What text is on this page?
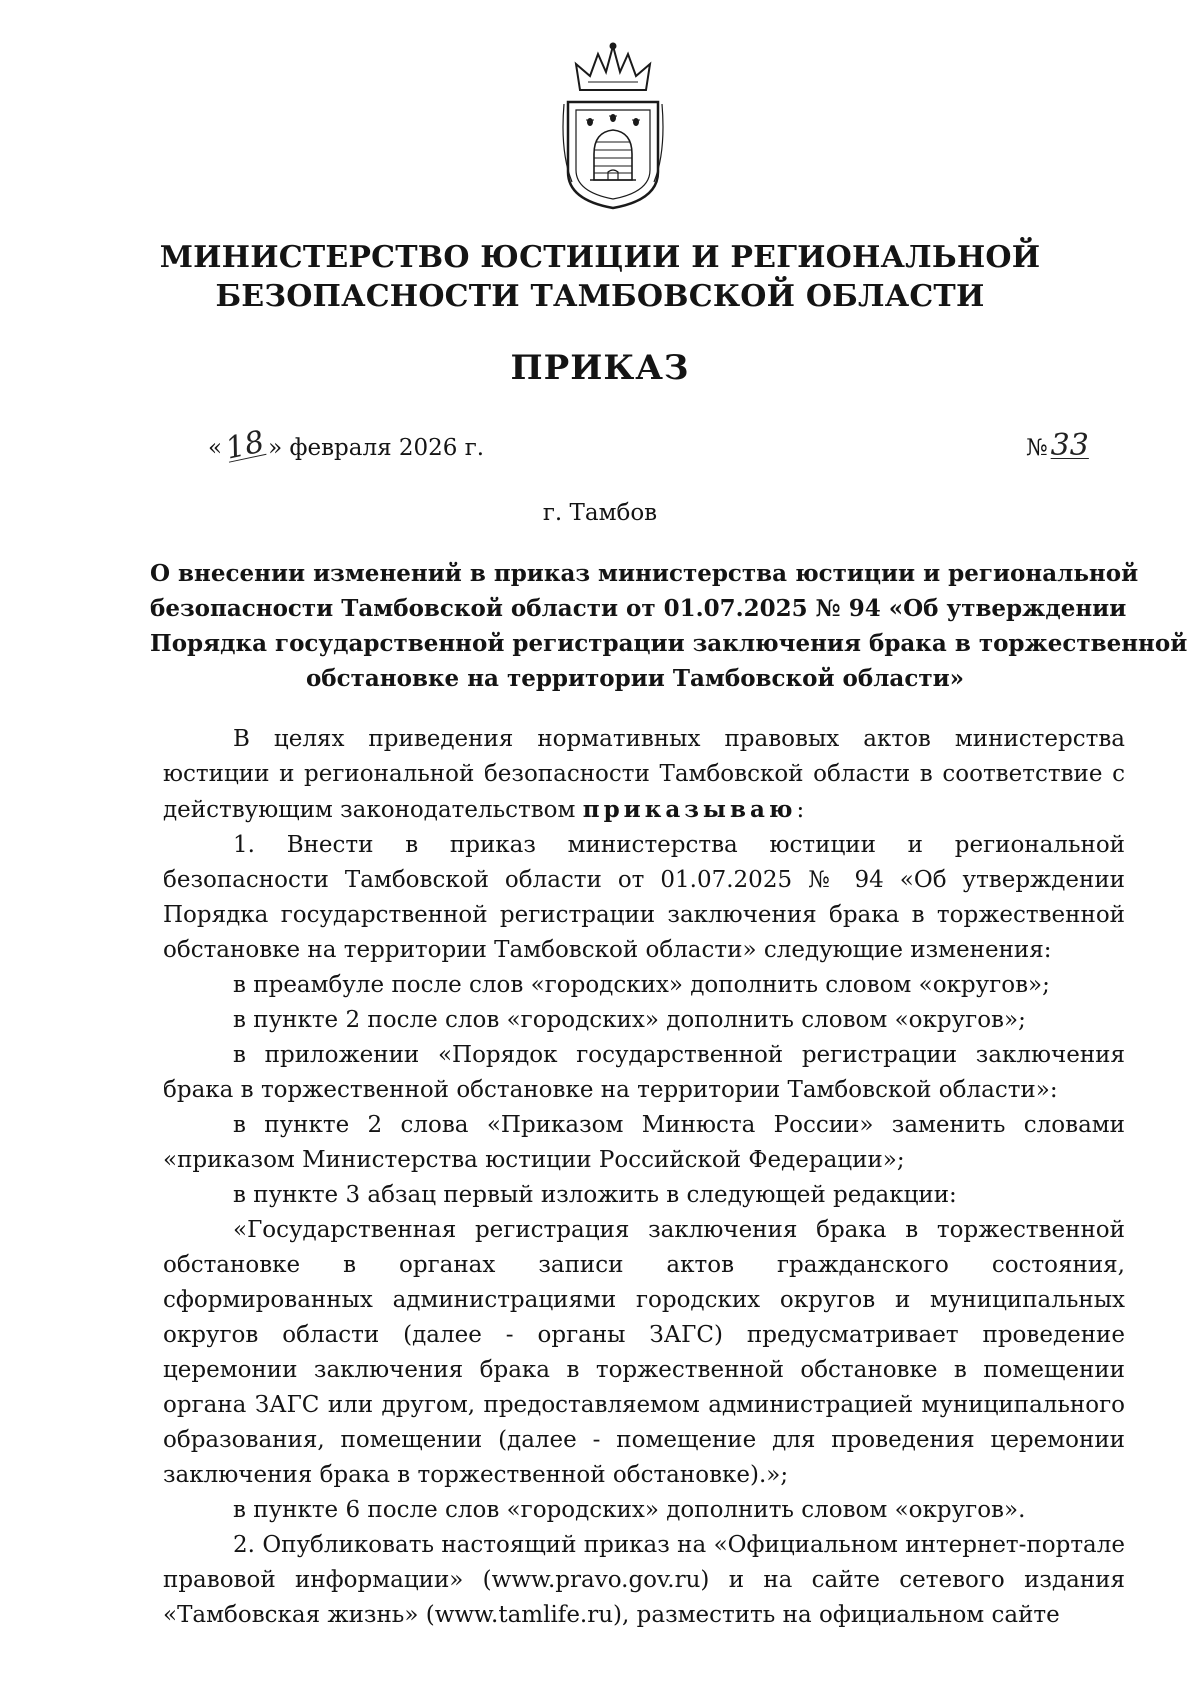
МИНИСТЕРСТВО ЮСТИЦИИ И РЕГИОНАЛЬНОЙ
БЕЗОПАСНОСТИ ТАМБОВСКОЙ ОБЛАСТИ
ПРИКАЗ
«18» февраля 2026 г.	№33
г. Тамбов
О внесении изменений в приказ министерства юстиции и региональной
безопасности Тамбовской области от 01.07.2025 № 94 «Об утверждении
Порядка государственной регистрации заключения брака в торжественной
обстановке на территории Тамбовской области»

В целях приведения нормативных правовых актов министерства юстиции и региональной безопасности Тамбовской области в соответствие с действующим законодательством приказываю:

1. Внести в приказ министерства юстиции и региональной безопасности Тамбовской области от 01.07.2025 № 94 «Об утверждении Порядка государственной регистрации заключения брака в торжественной обстановке на территории Тамбовской области» следующие изменения:

в преамбуле после слов «городских» дополнить словом «округов»;

в пункте 2 после слов «городских» дополнить словом «округов»;

в приложении «Порядок государственной регистрации заключения брака в торжественной обстановке на территории Тамбовской области»:

в пункте 2 слова «Приказом Минюста России» заменить словами «приказом Министерства юстиции Российской Федерации»;

в пункте 3 абзац первый изложить в следующей редакции:

«Государственная регистрация заключения брака в торжественной обстановке в органах записи актов гражданского состояния, сформированных администрациями городских округов и муниципальных округов области (далее - органы ЗАГС) предусматривает проведение церемонии заключения брака в торжественной обстановке в помещении органа ЗАГС или другом, предоставляемом администрацией муниципального образования, помещении (далее - помещение для проведения церемонии заключения брака в торжественной обстановке).»;

в пункте 6 после слов «городских» дополнить словом «округов».

2. Опубликовать настоящий приказ на «Официальном интернет-портале правовой информации» (www.pravo.gov.ru) и на сайте сетевого издания «Тамбовская жизнь» (www.tamlife.ru), разместить на официальном сайте
